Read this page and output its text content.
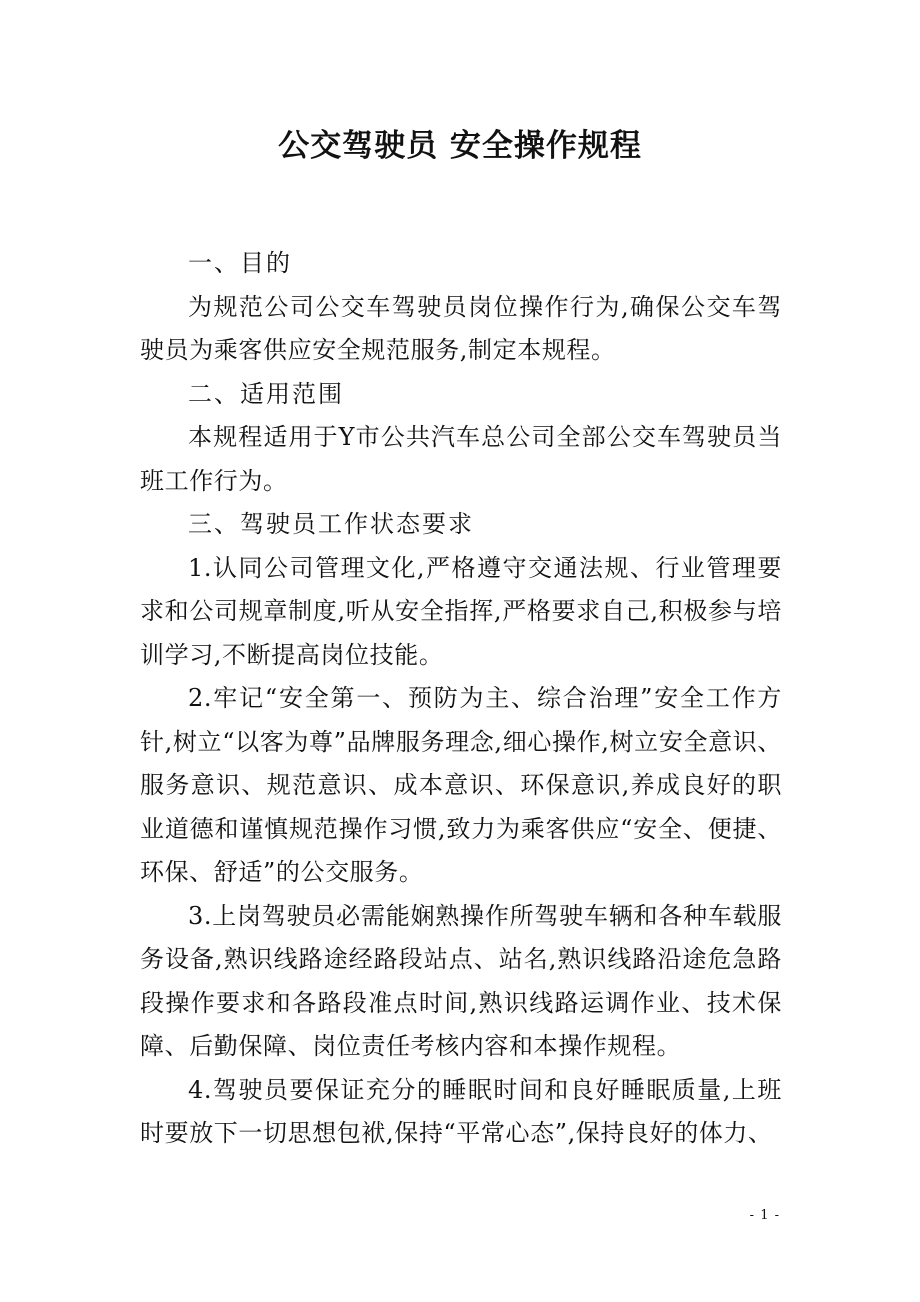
公交驾驶员 安全操作规程

一、目的

为规范公司公交车驾驶员岗位操作行为,确保公交车驾驶员为乘客供应安全规范服务,制定本规程。

二、适用范围

本规程适用于Y市公共汽车总公司全部公交车驾驶员当班工作行为。

三、驾驶员工作状态要求

1.认同公司管理文化,严格遵守交通法规、行业管理要求和公司规章制度,听从安全指挥,严格要求自己,积极参与培训学习,不断提高岗位技能。

2.牢记“安全第一、预防为主、综合治理”安全工作方针,树立“以客为尊”品牌服务理念,细心操作,树立安全意识、服务意识、规范意识、成本意识、环保意识,养成良好的职业道德和谨慎规范操作习惯,致力为乘客供应“安全、便捷、环保、舒适”的公交服务。

3.上岗驾驶员必需能娴熟操作所驾驶车辆和各种车载服务设备,熟识线路途经路段站点、站名,熟识线路沿途危急路段操作要求和各路段准点时间,熟识线路运调作业、技术保障、后勤保障、岗位责任考核内容和本操作规程。

4.驾驶员要保证充分的睡眠时间和良好睡眠质量,上班时要放下一切思想包袱,保持“平常心态”,保持良好的体力、

- 1 -
